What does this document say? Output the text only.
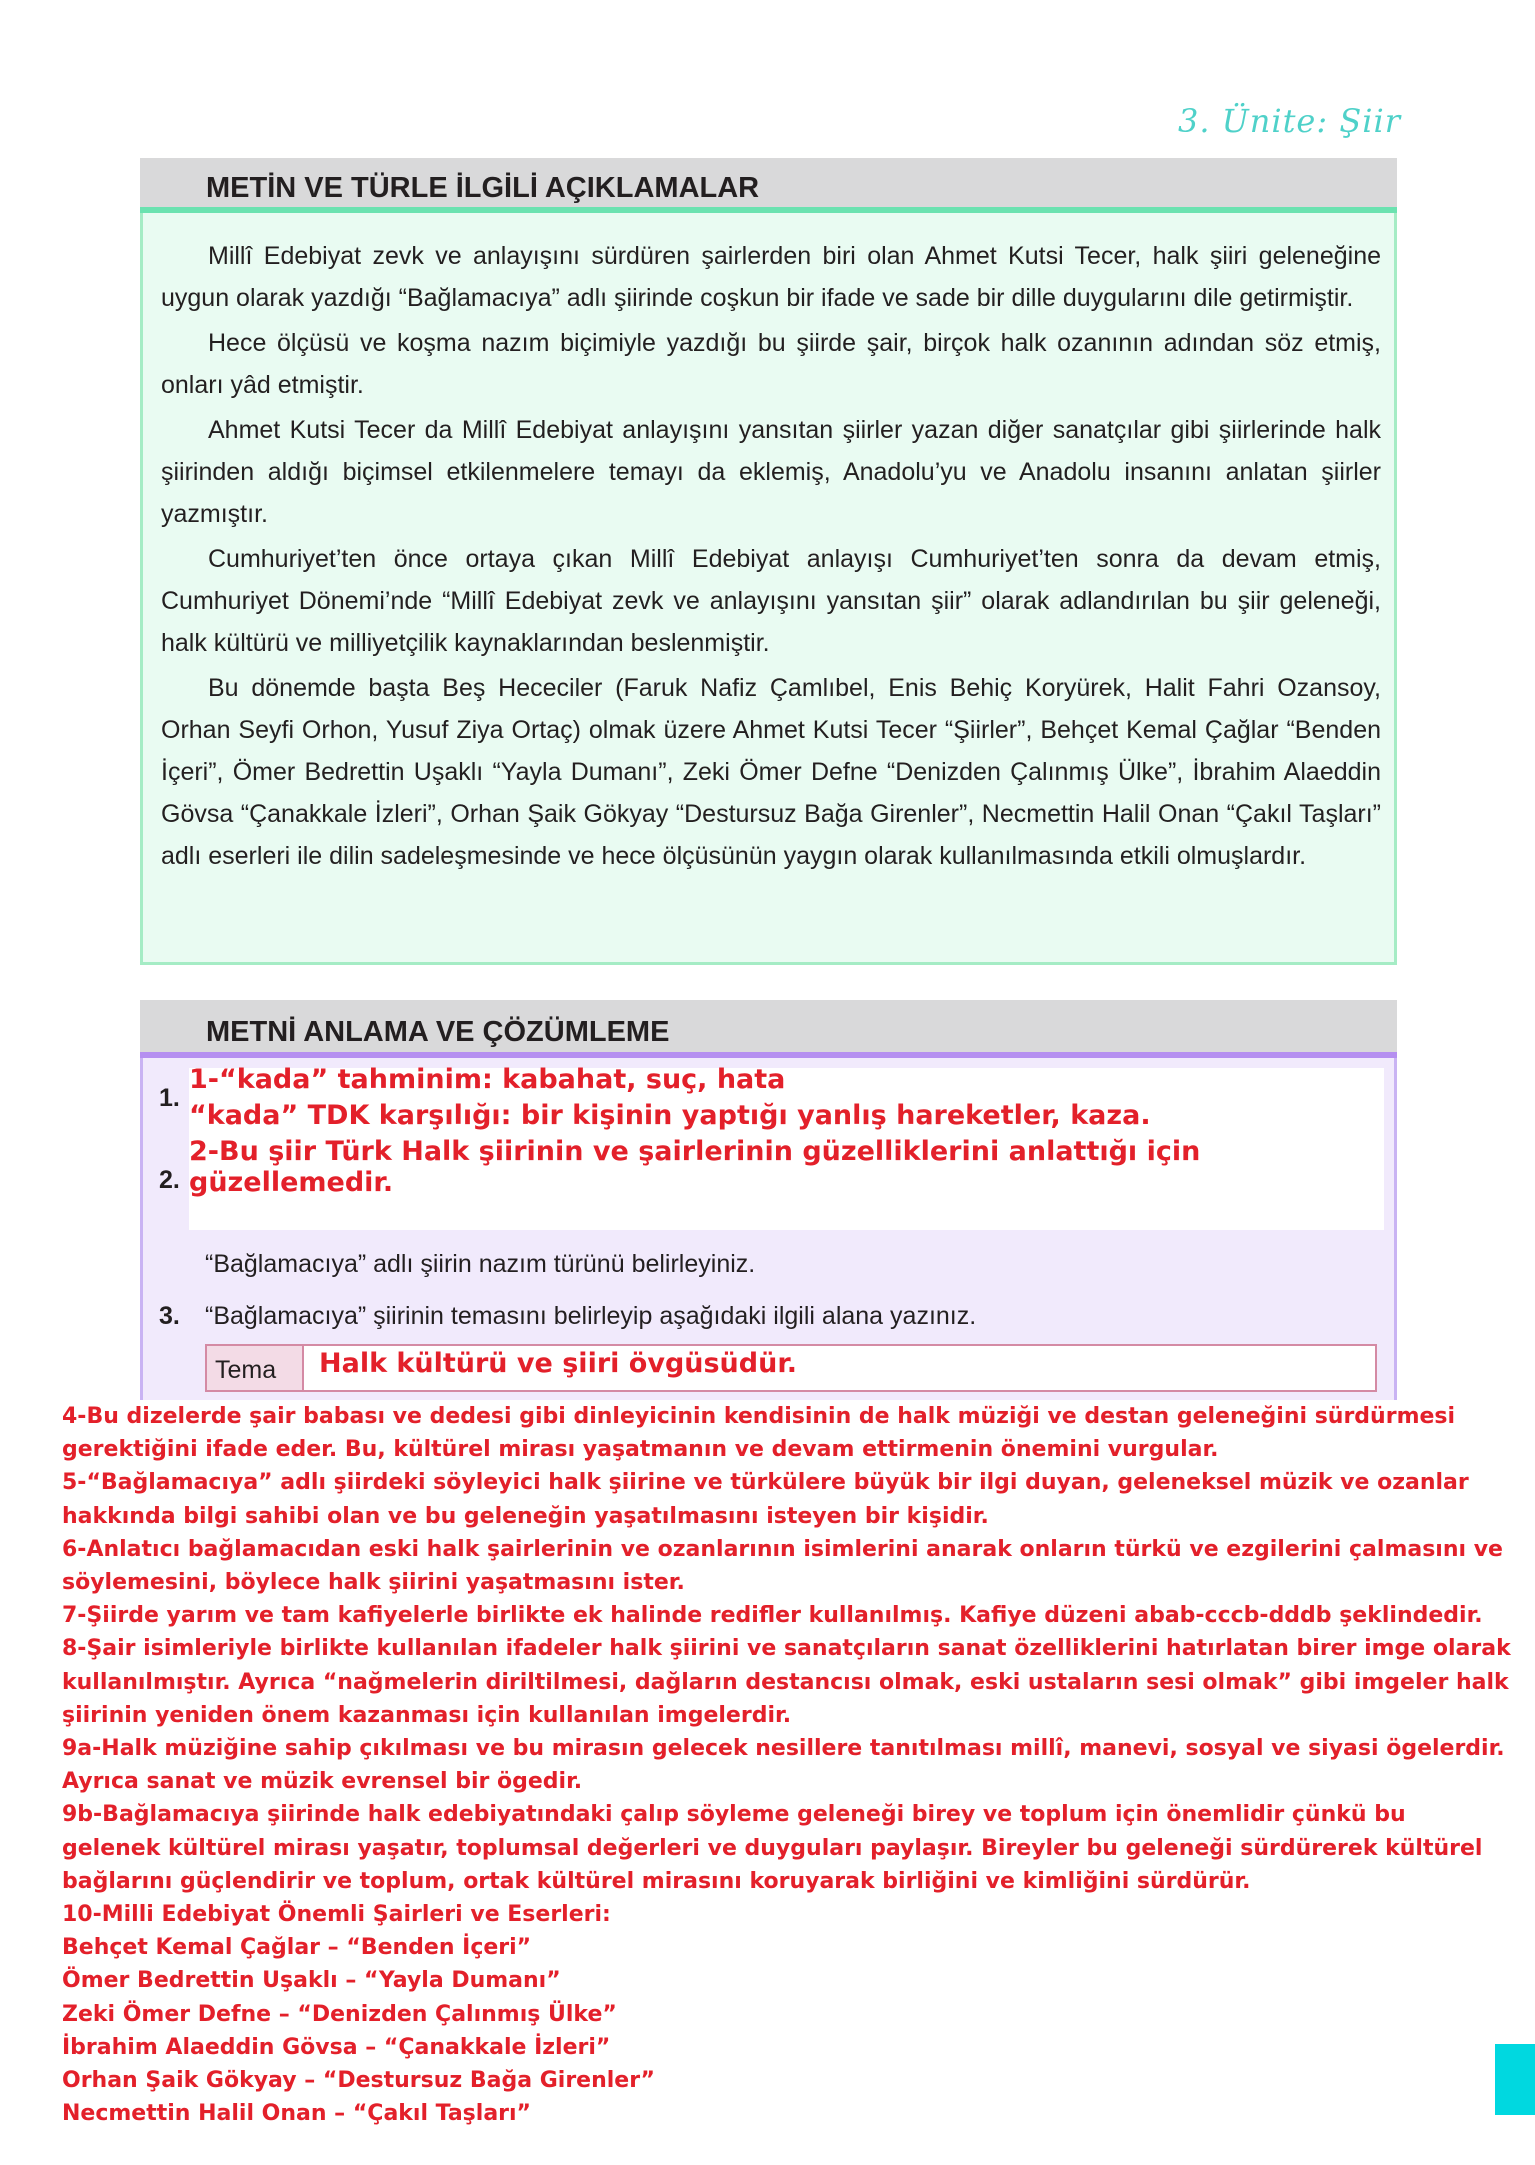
3. Ünite: Şiir
METİN VE TÜRLE İLGİLİ AÇIKLAMALAR

Millî Edebiyat zevk ve anlayışını sürdüren şairlerden biri olan Ahmet Kutsi Tecer, halk şiiri geleneğine uygun olarak yazdığı “Bağlamacıya” adlı şiirinde coşkun bir ifade ve sade bir dille duygularını dile getirmiştir.

Hece ölçüsü ve koşma nazım biçimiyle yazdığı bu şiirde şair, birçok halk ozanının adından söz etmiş, onları yâd etmiştir.

Ahmet Kutsi Tecer da Millî Edebiyat anlayışını yansıtan şiirler yazan diğer sanatçılar gibi şiirlerinde halk şiirinden aldığı biçimsel etkilenmelere temayı da eklemiş, Anadolu’yu ve Anadolu insanını anlatan şiirler yazmıştır.

Cumhuriyet’ten önce ortaya çıkan Millî Edebiyat anlayışı Cumhuriyet’ten sonra da devam etmiş, Cumhuriyet Dönemi’nde “Millî Edebiyat zevk ve anlayışını yansıtan şiir” olarak adlandırılan bu şiir geleneği, halk kültürü ve milliyetçilik kaynaklarından beslenmiştir.

Bu dönemde başta Beş Hececiler (Faruk Nafiz Çamlıbel, Enis Behiç Koryürek, Halit Fahri Ozansoy, Orhan Seyfi Orhon, Yusuf Ziya Ortaç) olmak üzere Ahmet Kutsi Tecer “Şiirler”, Behçet Kemal Çağlar “Benden İçeri”, Ömer Bedrettin Uşaklı “Yayla Dumanı”, Zeki Ömer Defne “Denizden Çalınmış Ülke”, İbrahim Alaeddin Gövsa “Çanakkale İzleri”, Orhan Şaik Gökyay “Destursuz Bağa Girenler”, Necmettin Halil Onan “Çakıl Taşları” adlı eserleri ile dilin sadeleşmesinde ve hece ölçüsünün yaygın olarak kullanılmasında etkili olmuşlardır.

METNİ ANLAMA VE ÇÖZÜMLEME
1.
2.
1-“kada” tahminim: kabahat, suç, hata
“kada” TDK karşılığı: bir kişinin yaptığı yanlış hareketler, kaza.
2-Bu şiir Türk Halk şiirinin ve şairlerinin güzelliklerini anlattığı için güzellemedir.
“Bağlamacıya” adlı şiirin nazım türünü belirleyiniz.
3. “Bağlamacıya” şiirinin temasını belirleyip aşağıdaki ilgili alana yazınız.
Tema	Halk kültürü ve şiiri övgüsüdür.
4-Bu dizelerde şair babası ve dedesi gibi dinleyicinin kendisinin de halk müziği ve destan geleneğini sürdürmesi
gerektiğini ifade eder. Bu, kültürel mirası yaşatmanın ve devam ettirmenin önemini vurgular.
5-“Bağlamacıya” adlı şiirdeki söyleyici halk şiirine ve türkülere büyük bir ilgi duyan, geleneksel müzik ve ozanlar
hakkında bilgi sahibi olan ve bu geleneğin yaşatılmasını isteyen bir kişidir.
6-Anlatıcı bağlamacıdan eski halk şairlerinin ve ozanlarının isimlerini anarak onların türkü ve ezgilerini çalmasını ve
söylemesini, böylece halk şiirini yaşatmasını ister.
7-Şiirde yarım ve tam kafiyelerle birlikte ek halinde redifler kullanılmış. Kafiye düzeni abab-cccb-dddb şeklindedir.
8-Şair isimleriyle birlikte kullanılan ifadeler halk şiirini ve sanatçıların sanat özelliklerini hatırlatan birer imge olarak
kullanılmıştır. Ayrıca “nağmelerin diriltilmesi, dağların destancısı olmak, eski ustaların sesi olmak” gibi imgeler halk
şiirinin yeniden önem kazanması için kullanılan imgelerdir.
9a-Halk müziğine sahip çıkılması ve bu mirasın gelecek nesillere tanıtılması millî, manevi, sosyal ve siyasi ögelerdir.
Ayrıca sanat ve müzik evrensel bir ögedir.
9b-Bağlamacıya şiirinde halk edebiyatındaki çalıp söyleme geleneği birey ve toplum için önemlidir çünkü bu
gelenek kültürel mirası yaşatır, toplumsal değerleri ve duyguları paylaşır. Bireyler bu geleneği sürdürerek kültürel
bağlarını güçlendirir ve toplum, ortak kültürel mirasını koruyarak birliğini ve kimliğini sürdürür.
10-Milli Edebiyat Önemli Şairleri ve Eserleri:
Behçet Kemal Çağlar – “Benden İçeri”
Ömer Bedrettin Uşaklı – “Yayla Dumanı”
Zeki Ömer Defne – “Denizden Çalınmış Ülke”
İbrahim Alaeddin Gövsa – “Çanakkale İzleri”
Orhan Şaik Gökyay – “Destursuz Bağa Girenler”
Necmettin Halil Onan – “Çakıl Taşları”
